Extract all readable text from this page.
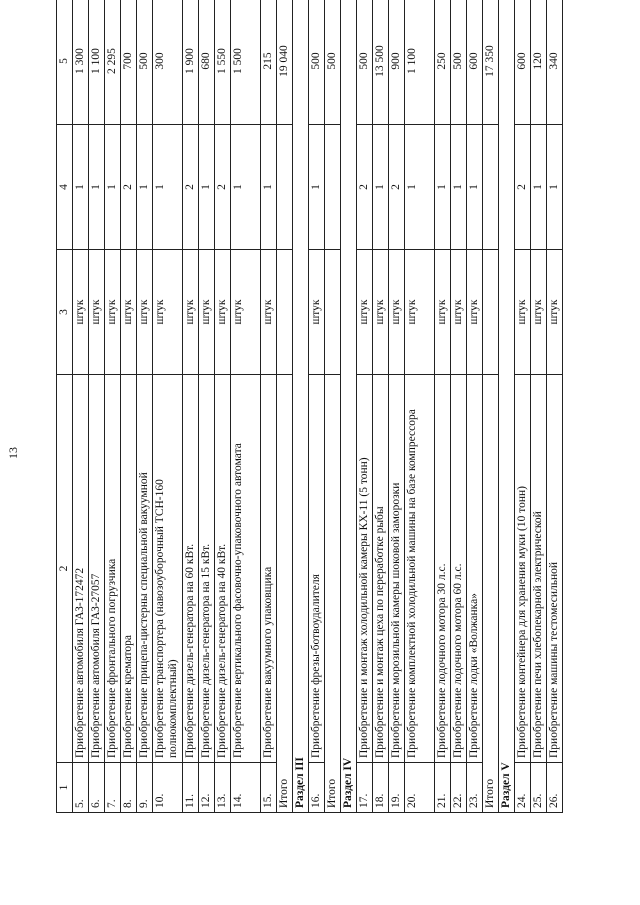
13
1	2	3	4	5
5.	Приобретение автомобиля ГАЗ-172472	штук	1	1 300
6.	Приобретение автомобиля ГАЗ-27057	штук	1	1 100
7.	Приобретение фронтального погрузчика	штук	1	2 295
8.	Приобретение крематора	штук	2	700
9.	Приобретение прицепа-цистерны специальной вакуумной	штук	1	500
10.	Приобретение транспортера (навозоуборочный ТСН-160 полнокомплектный)	штук	1	300
11.	Приобретение дизель-генератора на 60 кВт.	штук	2	1 900
12.	Приобретение дизель-генератора на 15 кВт.	штук	1	680
13.	Приобретение дизель-генератора на 40 кВт.	штук	2	1 550
14.	Приобретение вертикального фасовочно-упаковочного автомата	штук	1	1 500
15.	Приобретение вакуумного упаковщика	штук	1	215
Итого				19 040
Раздел III				
16.	Приобретение фрезы-ботвоудалителя	штук	1	500
Итого				500
Раздел IV				
17.	Приобретение и монтаж холодильной камеры КХ-11 (5 тонн)	штук	2	500
18.	Приобретение и монтаж цеха по переработке рыбы	штук	1	13 500
19.	Приобретение морозильной камеры шоковой заморозки	штук	2	900
20.	Приобретение комплектной холодильной машины на базе компрессора	штук	1	1 100
21.	Приобретение лодочного мотора 30 л.с.	штук	1	250
22.	Приобретение лодочного мотора 60 л.с.	штук	1	500
23.	Приобретение лодки «Волжанка»	штук	1	600
Итого				17 350
Раздел V				
24.	Приобретение контейнера для хранения муки (10 тонн)	штук	2	600
25.	Приобретение печи хлебопекарной электрической	штук	1	120
26.	Приобретение машины тестомесильной	штук	1	340
